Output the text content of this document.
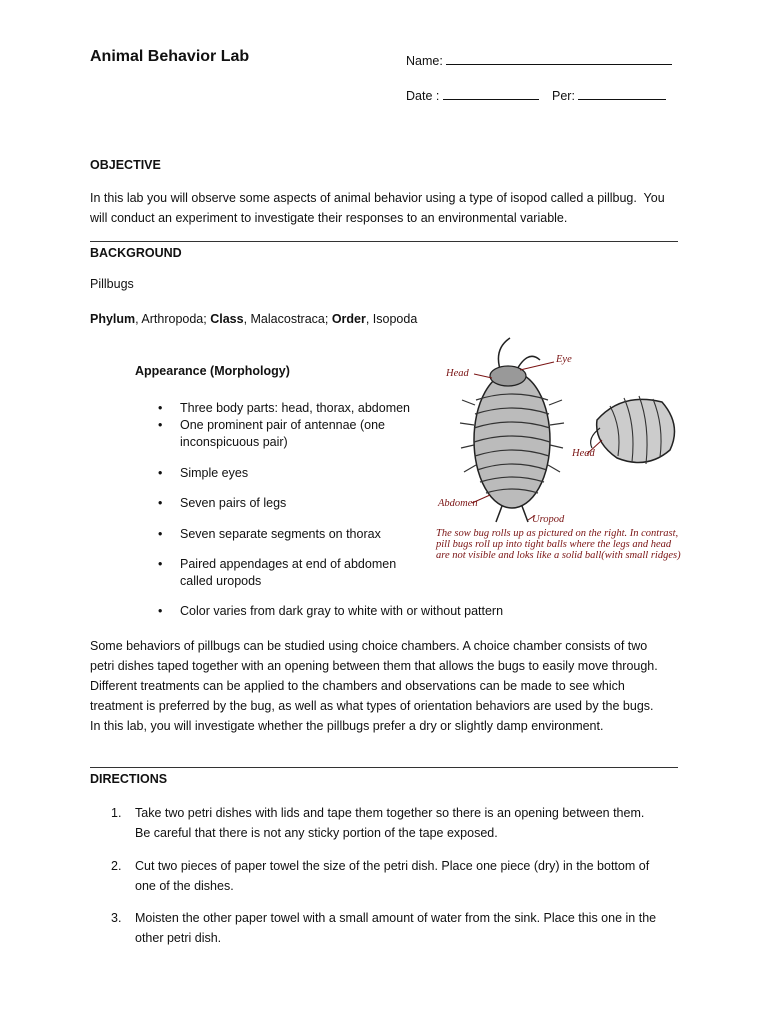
Animal Behavior Lab	Name:
Date :	Per:
OBJECTIVE

In this lab you will observe some aspects of animal behavior using a type of isopod called a pillbug.  You

will conduct an experiment to investigate their responses to an environmental variable.

BACKGROUND
Pillbugs
Phylum, Arthropoda; Class, Malacostraca; Order, Isopoda
Appearance (Morphology)
• Three body parts: head, thorax, abdomen
• One prominent pair of antennae (one inconspicuous pair)
• Simple eyes
• Seven pairs of legs
• Seven separate segments on thorax
• Paired appendages at end of abdomen called uropods
• Color varies from dark gray to white with or without pattern
Eye
Head
Head
Abdomen
Uropod
The sow bug rolls up as pictured on the right. In contrast,
pill bugs roll up into tight balls where the legs and head
are not visible and loks like a solid ball(with small ridges)

Some behaviors of pillbugs can be studied using choice chambers. A choice chamber consists of two

petri dishes taped together with an opening between them that allows the bugs to easily move through.

Different treatments can be applied to the chambers and observations can be made to see which

treatment is preferred by the bug, as well as what types of orientation behaviors are used by the bugs.

In this lab, you will investigate whether the pillbugs prefer a dry or slightly damp environment.

DIRECTIONS
1. Take two petri dishes with lids and tape them together so there is an opening between them.
Be careful that there is not any sticky portion of the tape exposed.
2. Cut two pieces of paper towel the size of the petri dish. Place one piece (dry) in the bottom of
one of the dishes.
3. Moisten the other paper towel with a small amount of water from the sink. Place this one in the
other petri dish.
